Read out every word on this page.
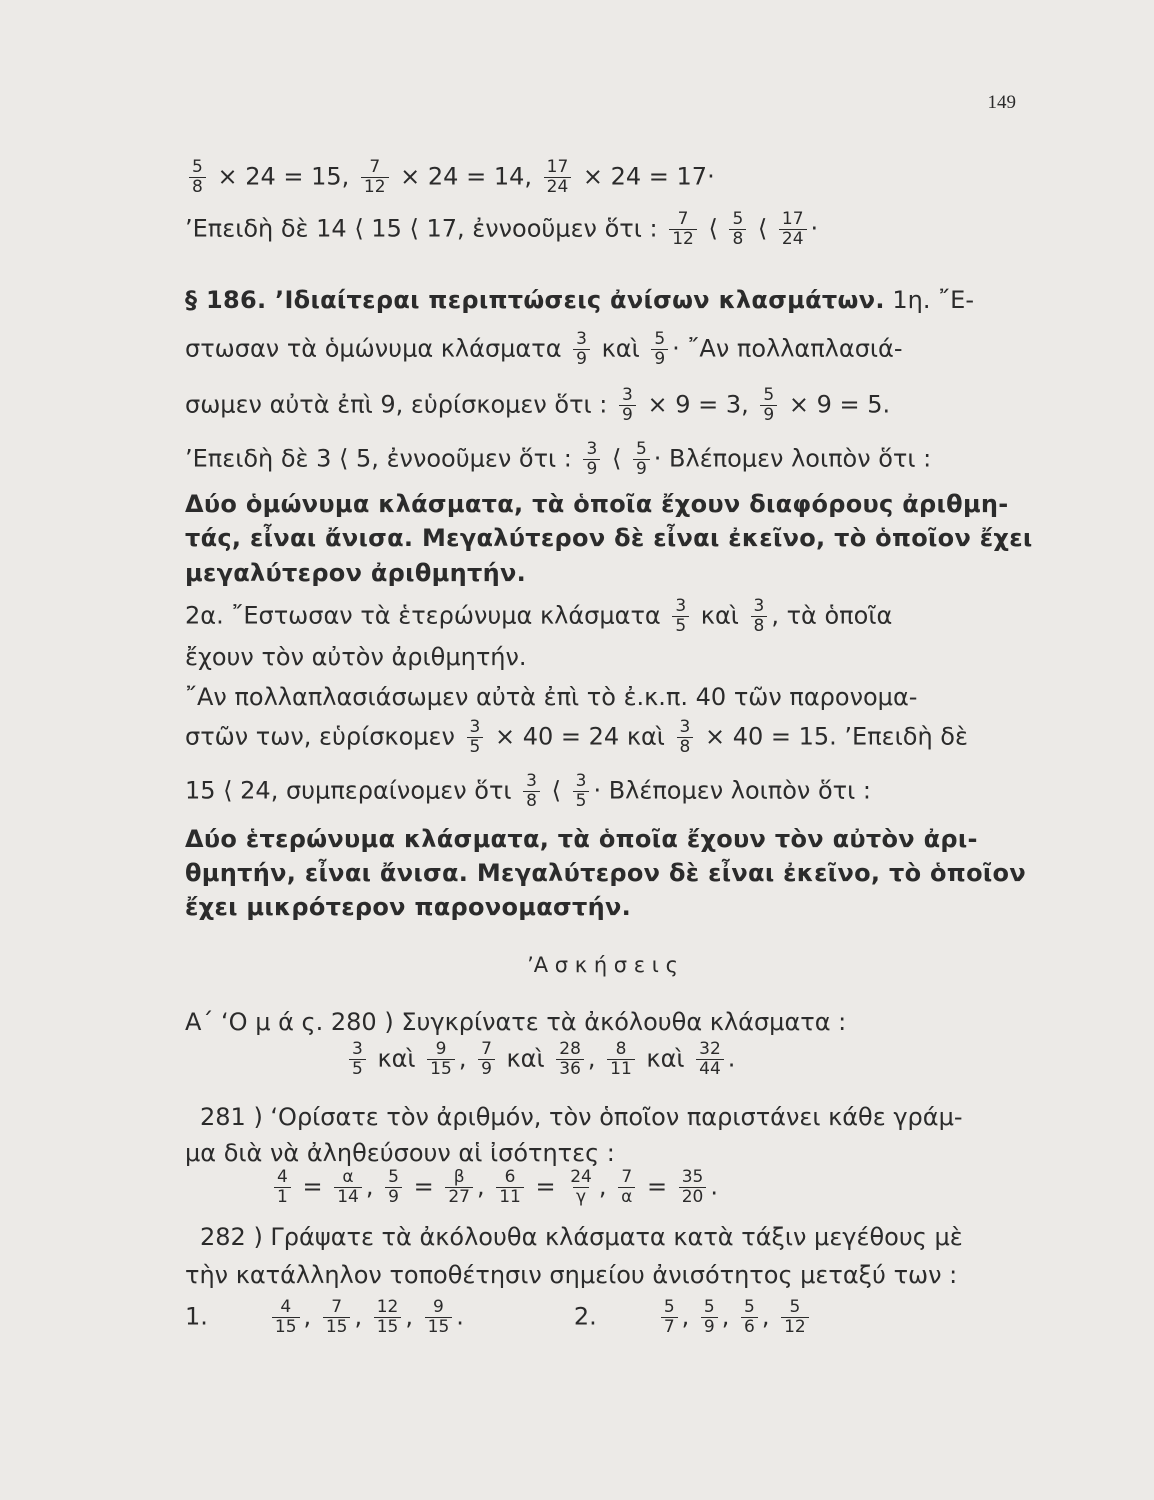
149
$\frac{5}{8} \times 24 = 15$, $\frac{7}{12} \times 24 = 14$, $\frac{17}{24} \times 24 = 17\cdot$
’Επειδὴ δὲ 14 ⟨ 15 ⟨ 17, ἐννοοῦμεν ὅτι : $\frac{7}{12}$ ⟨ $\frac{5}{8}$ ⟨ $\frac{17}{24}$ ·
§ 186. ’Ιδιαίτεραι περιπτώσεις ἀνίσων κλασμάτων. 1η. ῎Ε-
στωσαν τὰ ὁμώνυμα κλάσματα $\frac{3}{9}$ καὶ $\frac{5}{9}$ · ῎Αν πολλαπλασιά-
σωμεν αὐτὰ ἐπὶ 9, εὑρίσκομεν ὅτι : $\frac{3}{9} \times 9 = 3$, $\frac{5}{9} \times 9 = 5$.
’Επειδὴ δὲ 3 ⟨ 5, ἐννοοῦμεν ὅτι : $\frac{3}{9}$ ⟨ $\frac{5}{9} \cdot B\lambda έ\pi o\mu\varepsilon\nu$ λοιπὸν ὅτι :
Δύο ὁμώνυμα κλάσματα, τὰ ὁποῖα ἔχουν διαφόρους ἀριθμη-
τάς, εἶναι ἄνισα. Μεγαλύτερον δὲ εἶναι ἐκεῖνο, τὸ ὁποῖον ἔχει
μεγαλύτερον ἀριθμητήν.
2α. ῎Εστωσαν τὰ ἑτερώνυμα κλάσματα $\frac{3}{5}$ καὶ $\frac{3}{8}$ , τὰ ὁποῖα
ἔχουν τὸν αὐτὸν ἀριθμητήν.
῎Αν πολλαπλασιάσωμεν αὐτὰ ἐπὶ τὸ ἐ.κ.π. 40 τῶν παρονομα-
στῶν των, εὑρίσκομεν $\frac{3}{5} \times 40 = 24$ καὶ $\frac{3}{8} \times 40 = 15$. ’Επειδὴ δὲ
15 ⟨ 24, συμπεραίνομεν ὅτι $\frac{3}{8}$ ⟨ $\frac{3}{5} \cdot B\lambda έ\pi o\mu\varepsilon\nu$ λοιπὸν ὅτι :
Δύο ἑτερώνυμα κλάσματα, τὰ ὁποῖα ἔχουν τὸν αὐτὸν ἀρι-
θμητήν, εἶναι ἄνισα. Μεγαλύτερον δὲ εἶναι ἐκεῖνο, τὸ ὁποῖον
ἔχει μικρότερον παρονομαστήν.
’Α σ κ ή σ ε ι ς
Α΄ ‘Ο μ ά ς. 280 ) Συγκρίνατε τὰ ἀκόλουθα κλάσματα :
$\frac{3}{5}$ καὶ $\frac{9}{15}$ , $\frac{7}{9}$ καὶ $\frac{28}{36}$ , $\frac{8}{11}$ καὶ $\frac{32}{44}$ .
281 ) ‘Ορίσατε τὸν ἀριθμόν, τὸν ὁποῖον παριστάνει κάθε γράμ-
μα διὰ νὰ ἀληθεύσουν αἱ ἰσότητες :
$\frac{4}{1} = \frac{\alpha}{14}$ , $\frac{5}{9} = \frac{\beta}{27}$ , $\frac{6}{11} = \frac{24}{\gamma}$ , $\frac{7}{\alpha} = \frac{35}{20}$ .
282 ) Γράψατε τὰ ἀκόλουθα κλάσματα κατὰ τάξιν μεγέθους μὲ
τὴν κατάλληλον τοποθέτησιν σημείου ἀνισότητος μεταξύ των :
1.	$\frac{4}{15}$ , $\frac{7}{15}$ , $\frac{12}{15}$ , $\frac{9}{15}$ .	2.	$\frac{5}{7}$ , $\frac{5}{9}$ , $\frac{5}{6}$ , $\frac{5}{12}$
